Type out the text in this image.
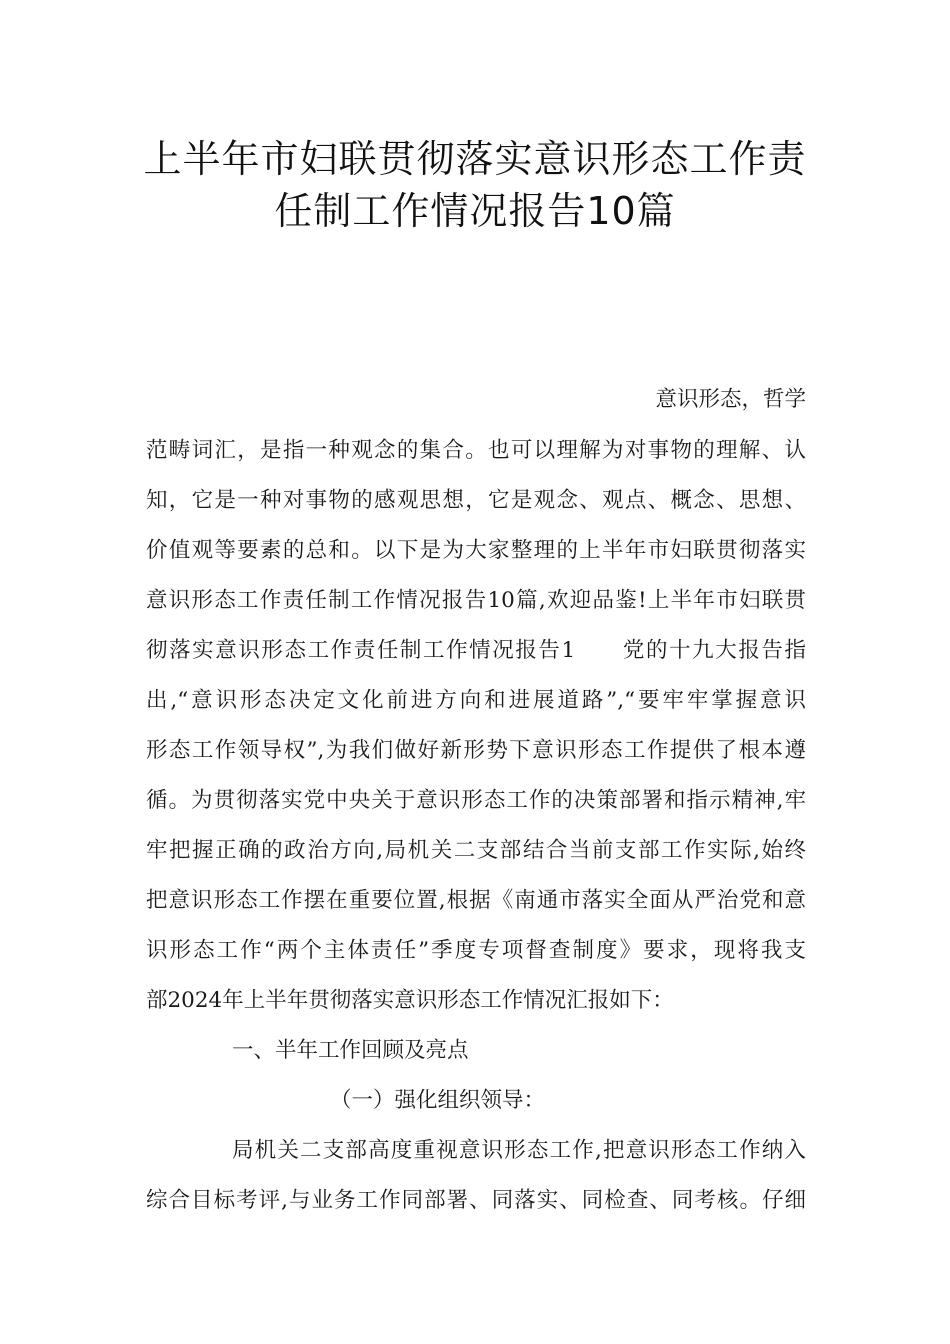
上半年市妇联贯彻落实意识形态工作责
任制工作情况报告10篇
意识形态，哲学
范畴词汇，是指一种观念的集合。也可以理解为对事物的理解、认
知，它是一种对事物的感观思想，它是观念、观点、概念、思想、
价值观等要素的总和。以下是为大家整理的上半年市妇联贯彻落实
意识形态工作责任制工作情况报告10篇,欢迎品鉴!上半年市妇联贯
彻落实意识形态工作责任制工作情况报告1　　党的十九大报告指
出,“意识形态决定文化前进方向和进展道路”,“要牢牢掌握意识
形态工作领导权”,为我们做好新形势下意识形态工作提供了根本遵
循。为贯彻落实党中央关于意识形态工作的决策部署和指示精神,牢
牢把握正确的政治方向,局机关二支部结合当前支部工作实际,始终
把意识形态工作摆在重要位置,根据《南通市落实全面从严治党和意
识形态工作“两个主体责任”季度专项督查制度》要求，现将我支
部2024年上半年贯彻落实意识形态工作情况汇报如下：
一、半年工作回顾及亮点
（一）强化组织领导：
局机关二支部高度重视意识形态工作,把意识形态工作纳入
综合目标考评,与业务工作同部署、同落实、同检查、同考核。仔细
